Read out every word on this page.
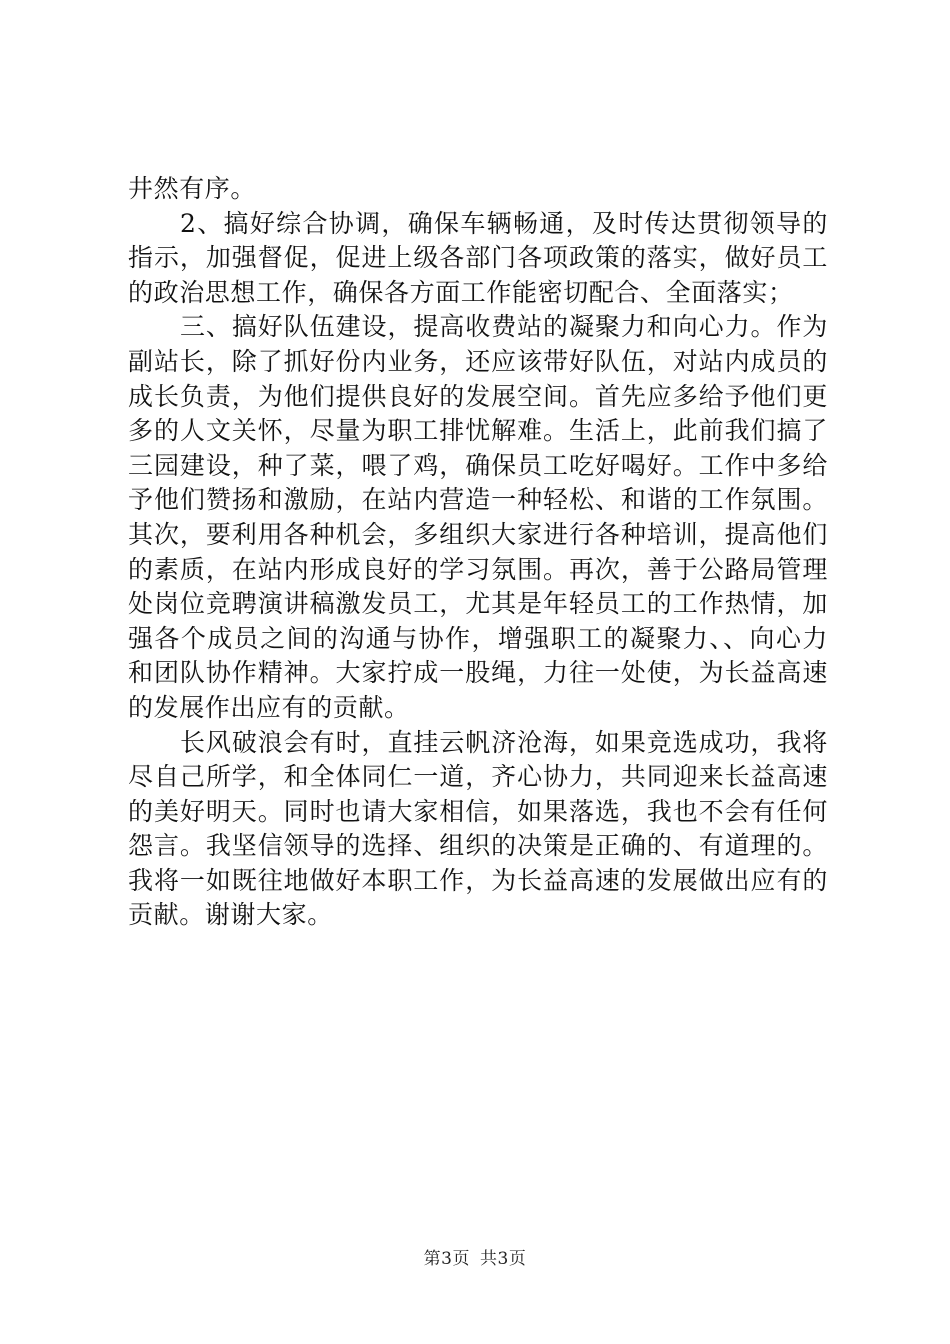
井然有序。

2、搞好综合协调，确保车辆畅通，及时传达贯彻领导的指示，加强督促，促进上级各部门各项政策的落实，做好员工的政治思想工作，确保各方面工作能密切配合、全面落实；

三、搞好队伍建设，提高收费站的凝聚力和向心力。作为副站长，除了抓好份内业务，还应该带好队伍，对站内成员的成长负责，为他们提供良好的发展空间。首先应多给予他们更多的人文关怀，尽量为职工排忧解难。生活上，此前我们搞了三园建设，种了菜，喂了鸡，确保员工吃好喝好。工作中多给予他们赞扬和激励，在站内营造一种轻松、和谐的工作氛围。其次，要利用各种机会，多组织大家进行各种培训，提高他们的素质，在站内形成良好的学习氛围。再次，善于公路局管理处岗位竞聘演讲稿激发员工，尤其是年轻员工的工作热情，加强各个成员之间的沟通与协作，增强职工的凝聚力、、向心力和团队协作精神。大家拧成一股绳，力往一处使，为长益高速的发展作出应有的贡献。

长风破浪会有时，直挂云帆济沧海，如果竞选成功，我将尽自己所学，和全体同仁一道，齐心协力，共同迎来长益高速的美好明天。同时也请大家相信，如果落选，我也不会有任何怨言。我坚信领导的选择、组织的决策是正确的、有道理的。我将一如既往地做好本职工作，为长益高速的发展做出应有的贡献。谢谢大家。

第3页 共3页
